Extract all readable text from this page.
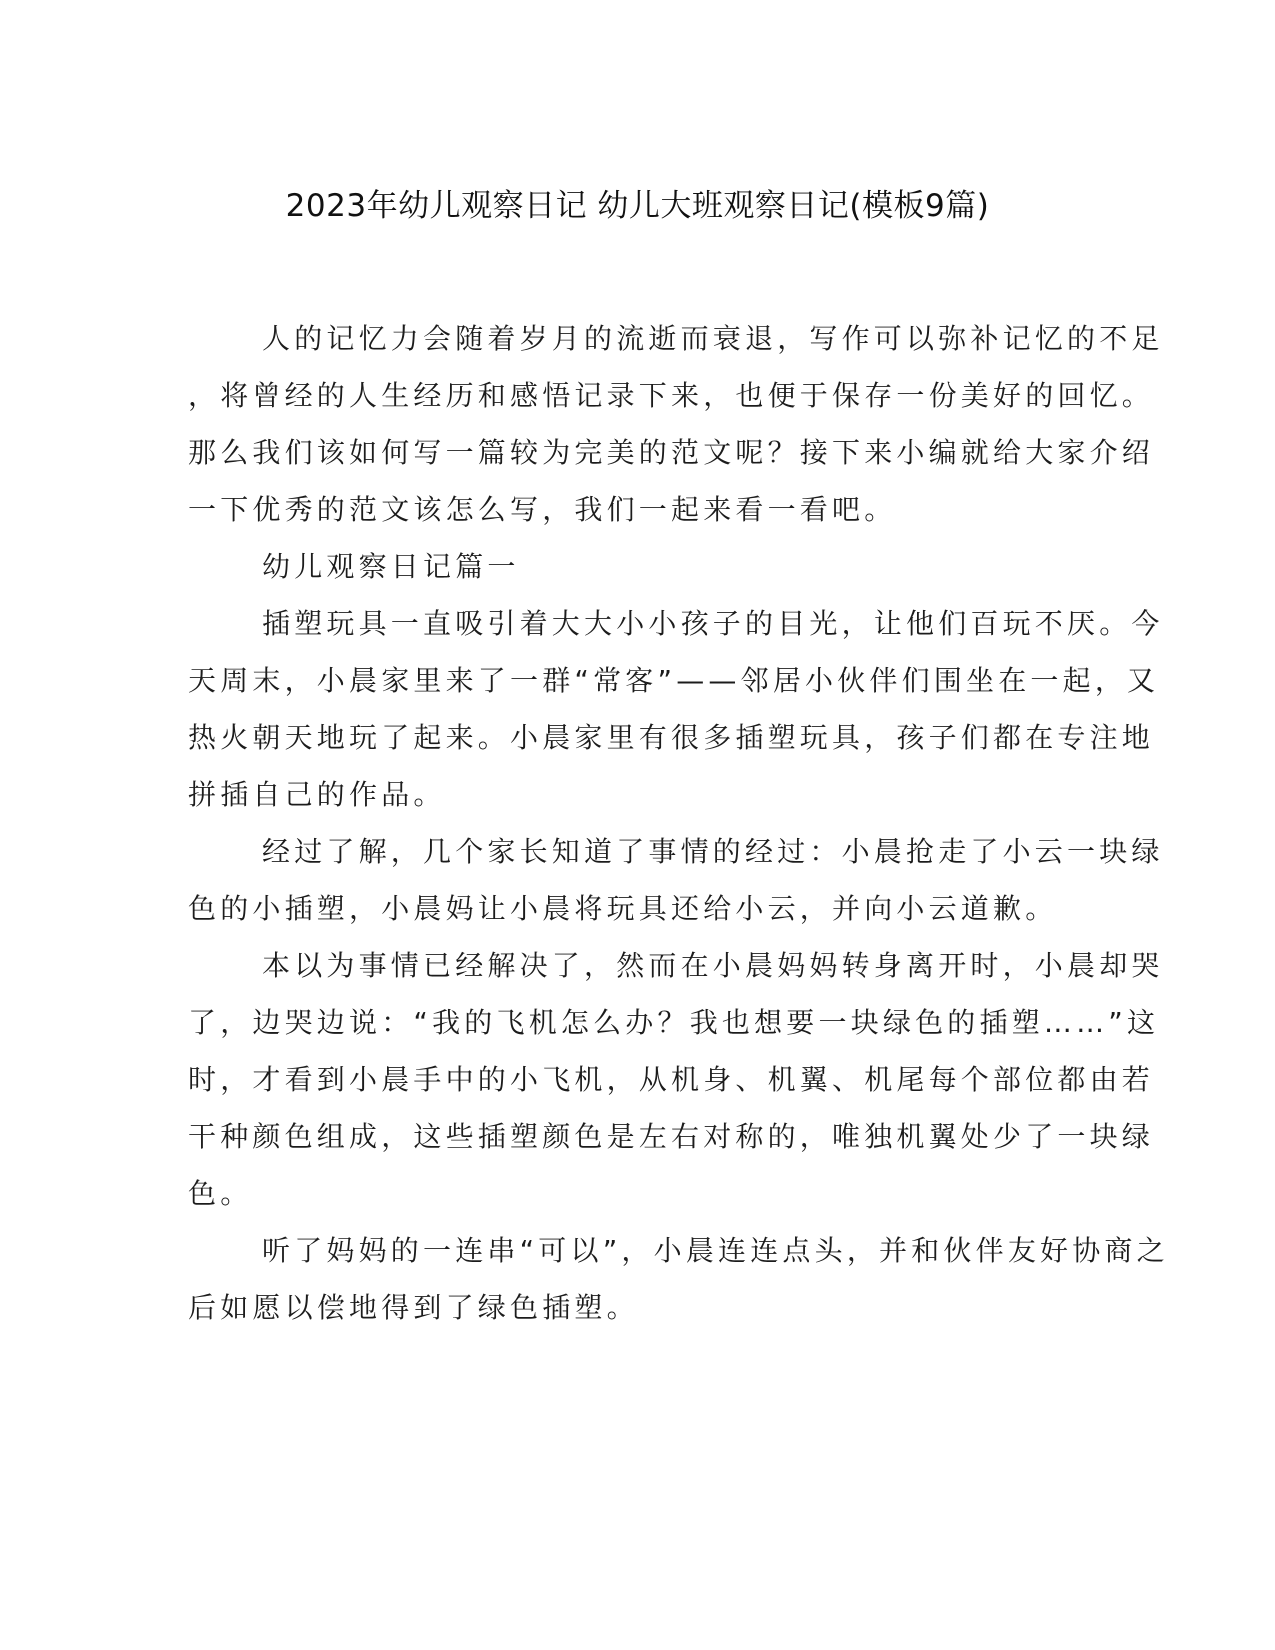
2023年幼儿观察日记 幼儿大班观察日记(模板9篇)
人的记忆力会随着岁月的流逝而衰退，写作可以弥补记忆的不足
，将曾经的人生经历和感悟记录下来，也便于保存一份美好的回忆。
那么我们该如何写一篇较为完美的范文呢？接下来小编就给大家介绍
一下优秀的范文该怎么写，我们一起来看一看吧。
幼儿观察日记篇一
插塑玩具一直吸引着大大小小孩子的目光，让他们百玩不厌。今
天周末，小晨家里来了一群“常客”——邻居小伙伴们围坐在一起，又
热火朝天地玩了起来。小晨家里有很多插塑玩具，孩子们都在专注地
拼插自己的作品。
经过了解，几个家长知道了事情的经过：小晨抢走了小云一块绿
色的小插塑，小晨妈让小晨将玩具还给小云，并向小云道歉。
本以为事情已经解决了，然而在小晨妈妈转身离开时，小晨却哭
了，边哭边说：“我的飞机怎么办？我也想要一块绿色的插塑……”这
时，才看到小晨手中的小飞机，从机身、机翼、机尾每个部位都由若
干种颜色组成，这些插塑颜色是左右对称的，唯独机翼处少了一块绿
色。
听了妈妈的一连串“可以”，小晨连连点头，并和伙伴友好协商之
后如愿以偿地得到了绿色插塑。
